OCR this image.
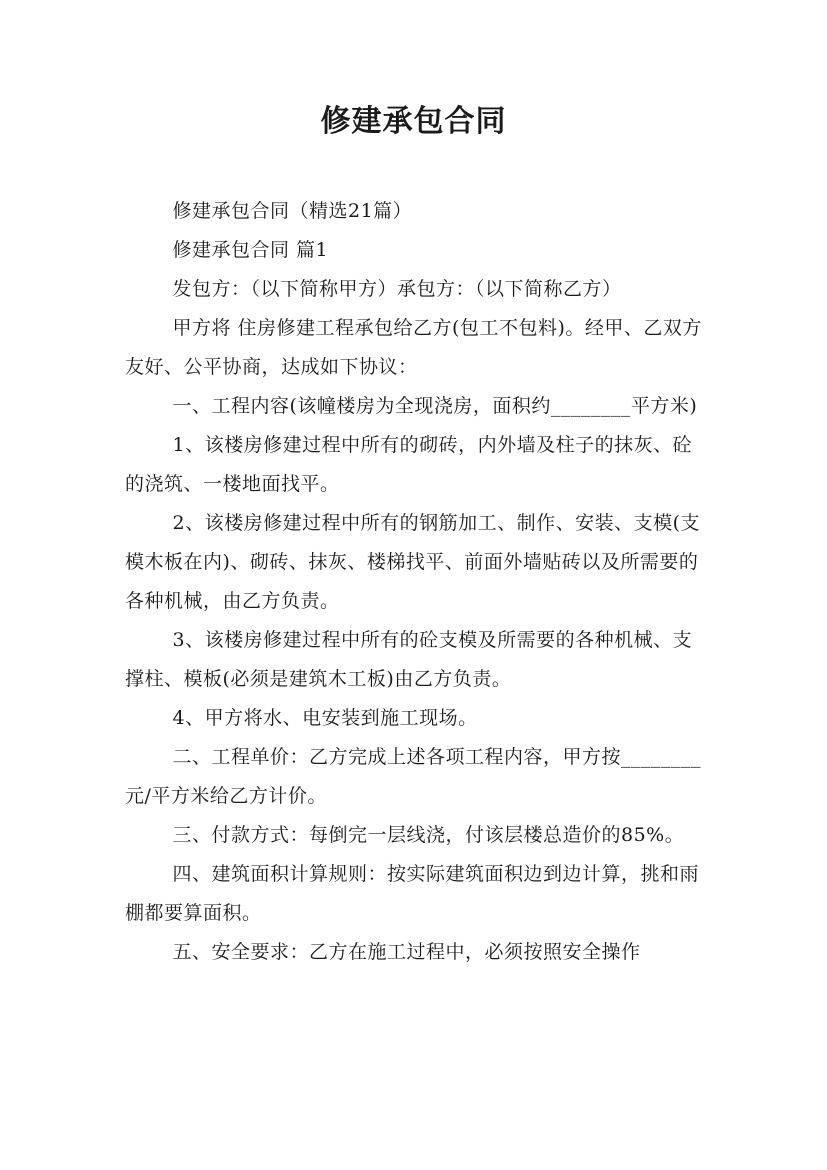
修建承包合同

修建承包合同（精选21篇）

修建承包合同 篇1

发包方：（以下简称甲方）承包方：（以下简称乙方）

甲方将 住房修建工程承包给乙方(包工不包料)。经甲、乙双方友好、公平协商，达成如下协议：

一、工程内容(该幢楼房为全现浇房，面积约________平方米)

1、该楼房修建过程中所有的砌砖，内外墙及柱子的抹灰、砼的浇筑、一楼地面找平。

2、该楼房修建过程中所有的钢筋加工、制作、安装、支模(支模木板在内)、砌砖、抹灰、楼梯找平、前面外墙贴砖以及所需要的各种机械，由乙方负责。

3、该楼房修建过程中所有的砼支模及所需要的各种机械、支撑柱、模板(必须是建筑木工板)由乙方负责。

4、甲方将水、电安装到施工现场。

二、工程单价：乙方完成上述各项工程内容，甲方按________元/平方米给乙方计价。

三、付款方式：每倒完一层线浇，付该层楼总造价的85%。

四、建筑面积计算规则：按实际建筑面积边到边计算，挑和雨棚都要算面积。

五、安全要求：乙方在施工过程中，必须按照安全操作
